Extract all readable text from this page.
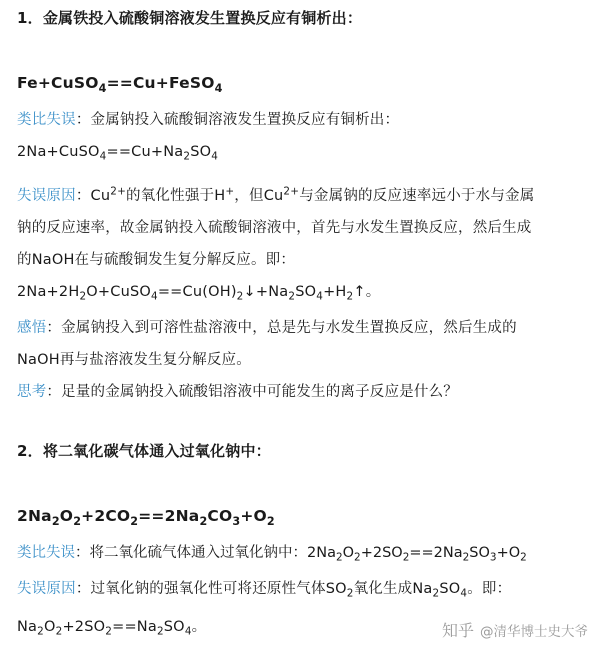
1．金属铁投入硫酸铜溶液发生置换反应有铜析出：
Fe+CuSO$_4$==Cu+FeSO$_4$
类比失误：金属钠投入硫酸铜溶液发生置换反应有铜析出：
$2Na+CuSO_4==Cu+Na_2SO_4$
失误原因：$Cu^{2+}$的氧化性强于H+，但$Cu^{2+}$与金属钠的反应速率远小于水与金属
钠的反应速率，故金属钠投入硫酸铜溶液中，首先与水发生置换反应，然后生成
的NaOH在与硫酸铜发生复分解反应。即：
$2Na+2H_2O+CuSO_4==Cu(OH)_2↓+Na_2SO_4+H_2↑$。
感悟：金属钠投入到可溶性盐溶液中，总是先与水发生置换反应，然后生成的
NaOH再与盐溶液发生复分解反应。
思考：足量的金属钠投入硫酸铝溶液中可能发生的离子反应是什么？
2．将二氧化碳气体通入过氧化钠中：
$2Na_2O_2+2CO_2==2Na_2CO_3+O_2$
类比失误：将二氧化硫气体通入过氧化钠中：$2Na_2O_2+2SO_2==2Na_2SO_3+O_2$
失误原因：过氧化钠的强氧化性可将还原性气体$SO_2$氧化生成$Na_2SO_4$。即：
$Na_2O_2+2SO_2==Na_2SO_4$。	知乎 @清华博士史大爷
